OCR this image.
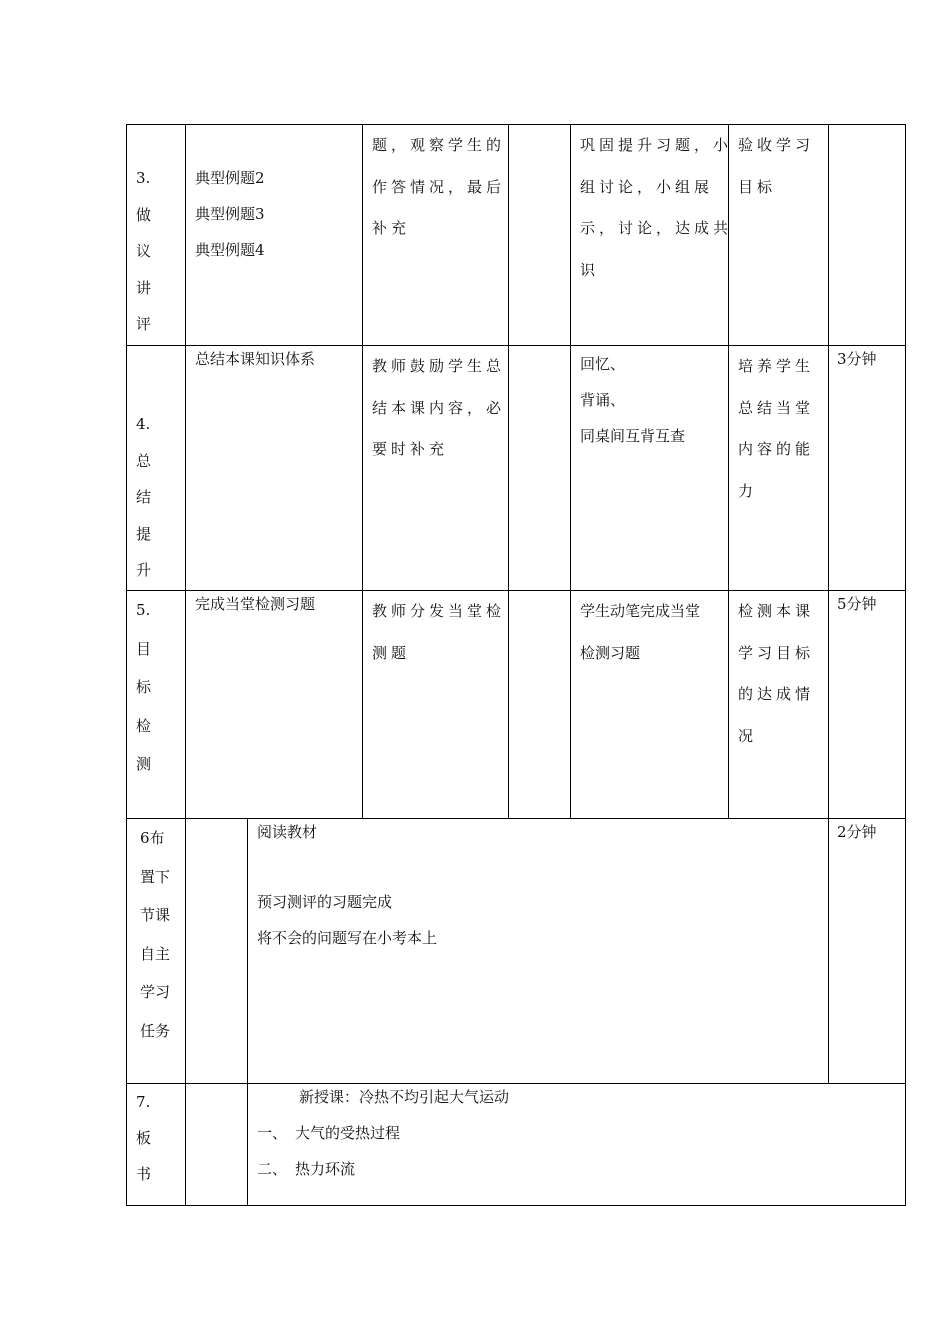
3.
做
议
讲
评
典型例题2
典型例题3
典型例题4
题，观察学生的
作答情况，最后
补充
巩固提升习题，小
组讨论，小组展
示，讨论，达成共
识
验收学习
目标
4.
总
结
提
升
总结本课知识体系	教师鼓励学生总
结本课内容，必
要时补充
回忆、
背诵、
同桌间互背互查
培养学生
总结当堂
内容的能
力
3分钟
5.
目
标
检
测
完成当堂检测习题	教师分发当堂检
测题
学生动笔完成当堂
检测习题
检测本课
学习目标
的达成情
况
5分钟
6布
置下
节课
自主
学习
任务
阅读教材
预习测评的习题完成
将不会的问题写在小考本上
2分钟
7.
板
书
新授课：冷热不均引起大气运动
一、 大气的受热过程
二、 热力环流
